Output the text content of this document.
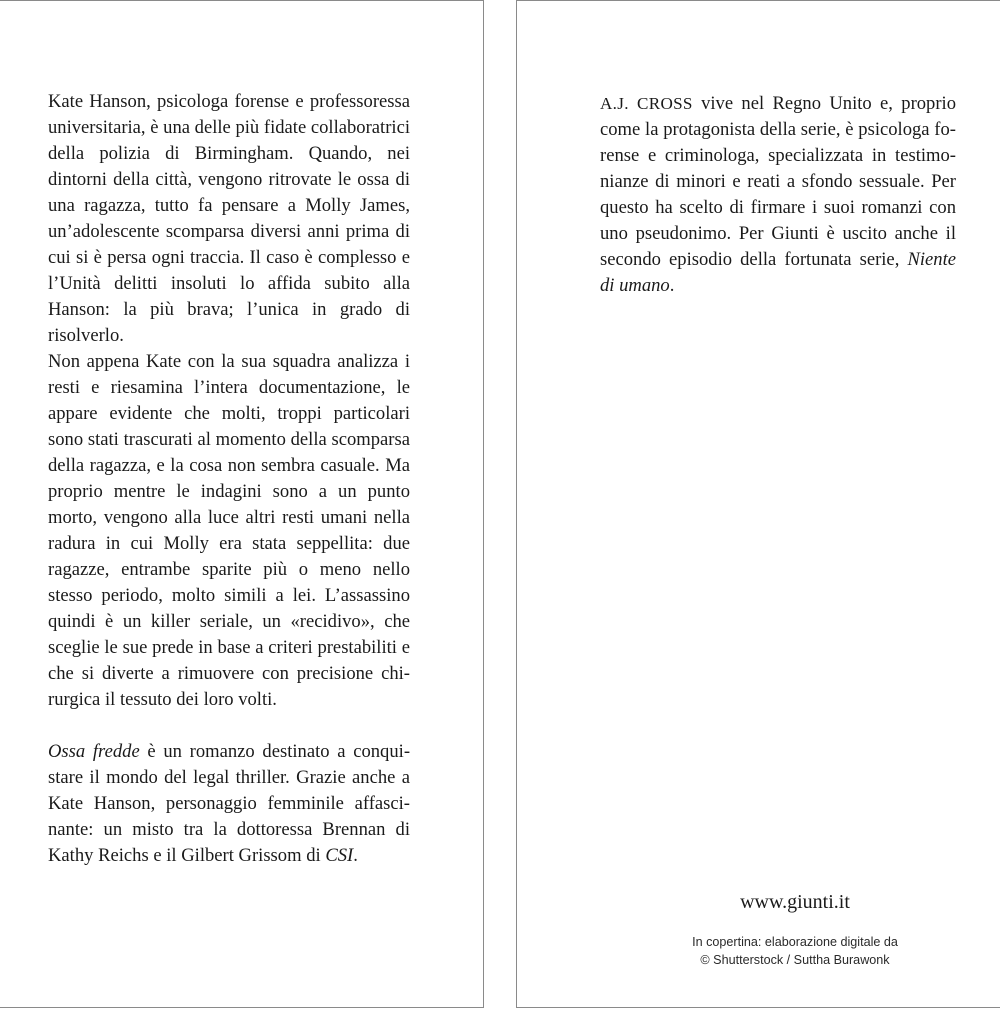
Kate Hanson, psicologa forense e professoressa universitaria, è una delle più fidate collaboratrici della polizia di Birmingham. Quando, nei dintorni della città, vengono ritrovate le ossa di una ragazza, tutto fa pensare a Molly James, un’adolescente scomparsa diversi anni prima di cui si è persa ogni traccia. Il caso è complesso e l’Unità delitti insoluti lo affida subito alla Hanson: la più brava; l’unica in grado di risolverlo.

Non appena Kate con la sua squadra analizza i resti e riesamina l’intera documentazione, le appare evidente che molti, troppi particolari sono stati trascurati al momento della scomparsa della ragazza, e la cosa non sembra casuale. Ma proprio mentre le indagini sono a un punto morto, vengono alla luce altri resti umani nella radura in cui Molly era stata seppellita: due ragazze, entrambe sparite più o meno nello stesso periodo, molto simili a lei. L’assassino quindi è un killer seriale, un «recidivo», che sceglie le sue prede in base a criteri prestabiliti e che si diverte a rimuovere con precisione chirurgica il tessuto dei loro volti.

Ossa fredde è un romanzo destinato a conquistare il mondo del legal thriller. Grazie anche a Kate Hanson, personaggio femminile affascinante: un misto tra la dottoressa Brennan di Kathy Reichs e il Gilbert Grissom di CSI.

A.J. CROSS vive nel Regno Unito e, proprio come la protagonista della serie, è psicologa forense e criminologa, specializzata in testimonianze di minori e reati a sfondo sessuale. Per questo ha scelto di firmare i suoi romanzi con uno pseudonimo. Per Giunti è uscito anche il secondo episodio della fortunata serie, Niente di umano.

www.giunti.it
In copertina: elaborazione digitale da
© Shutterstock / Suttha Burawonk
